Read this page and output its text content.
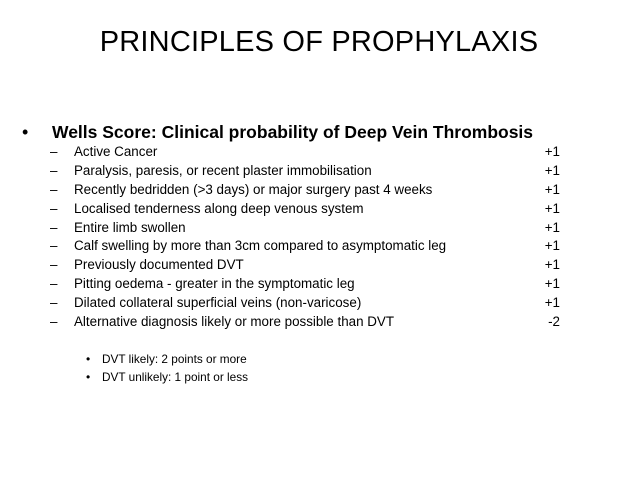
PRINCIPLES OF PROPHYLAXIS
•	Wells Score: Clinical probability of Deep Vein Thrombosis
–	Active Cancer	+1
–	Paralysis, paresis, or recent plaster immobilisation	+1
–	Recently bedridden (>3 days) or major surgery past 4 weeks	+1
–	Localised tenderness along deep venous system	+1
–	Entire limb swollen	+1
–	Calf swelling by more than 3cm compared to asymptomatic leg	+1
–	Previously documented DVT	+1
–	Pitting oedema - greater in the symptomatic leg	+1
–	Dilated collateral superficial veins (non-varicose)	+1
–	Alternative diagnosis likely or more possible than DVT	-2
• DVT likely: 2 points or more
• DVT unlikely: 1 point or less
